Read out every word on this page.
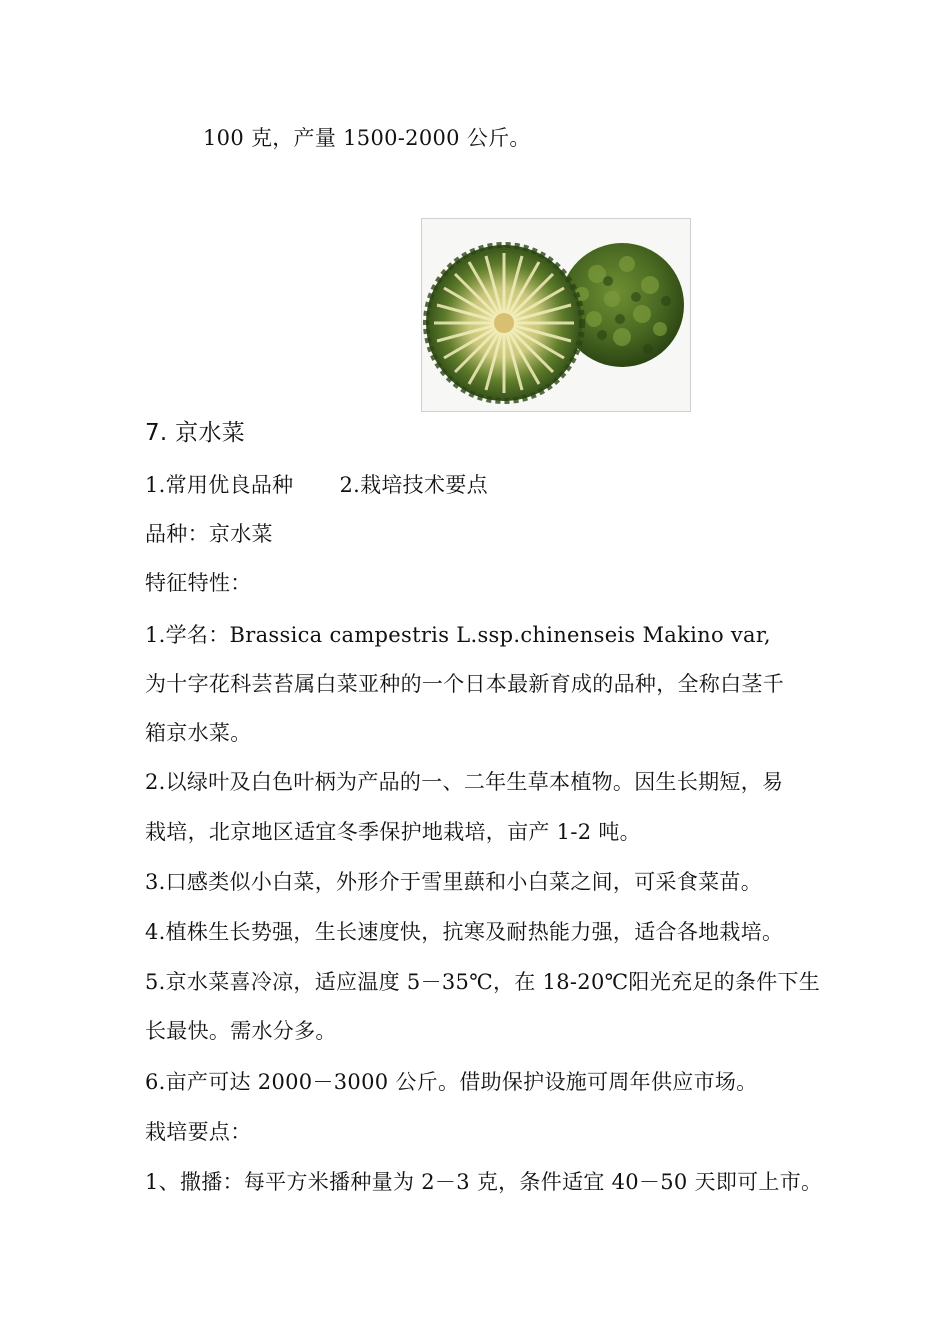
100 克，产量 1500-2000 公斤。
7. 京水菜
1.常用优良品种 2.栽培技术要点
品种：京水菜
特征特性：
1.学名：Brassica campestris L.ssp.chinenseis Makino var,
为十字花科芸苔属白菜亚种的一个日本最新育成的品种，全称白茎千
箱京水菜。
2.以绿叶及白色叶柄为产品的一、二年生草本植物。因生长期短，易
栽培，北京地区适宜冬季保护地栽培，亩产 1-2 吨。
3.口感类似小白菜，外形介于雪里蕻和小白菜之间，可采食菜苗。
4.植株生长势强，生长速度快，抗寒及耐热能力强，适合各地栽培。
5.京水菜喜冷凉，适应温度 5－35℃，在 18-20℃阳光充足的条件下生
长最快。需水分多。
6.亩产可达 2000－3000 公斤。借助保护设施可周年供应市场。
栽培要点：
1、撒播：每平方米播种量为 2－3 克，条件适宜 40－50 天即可上市。
